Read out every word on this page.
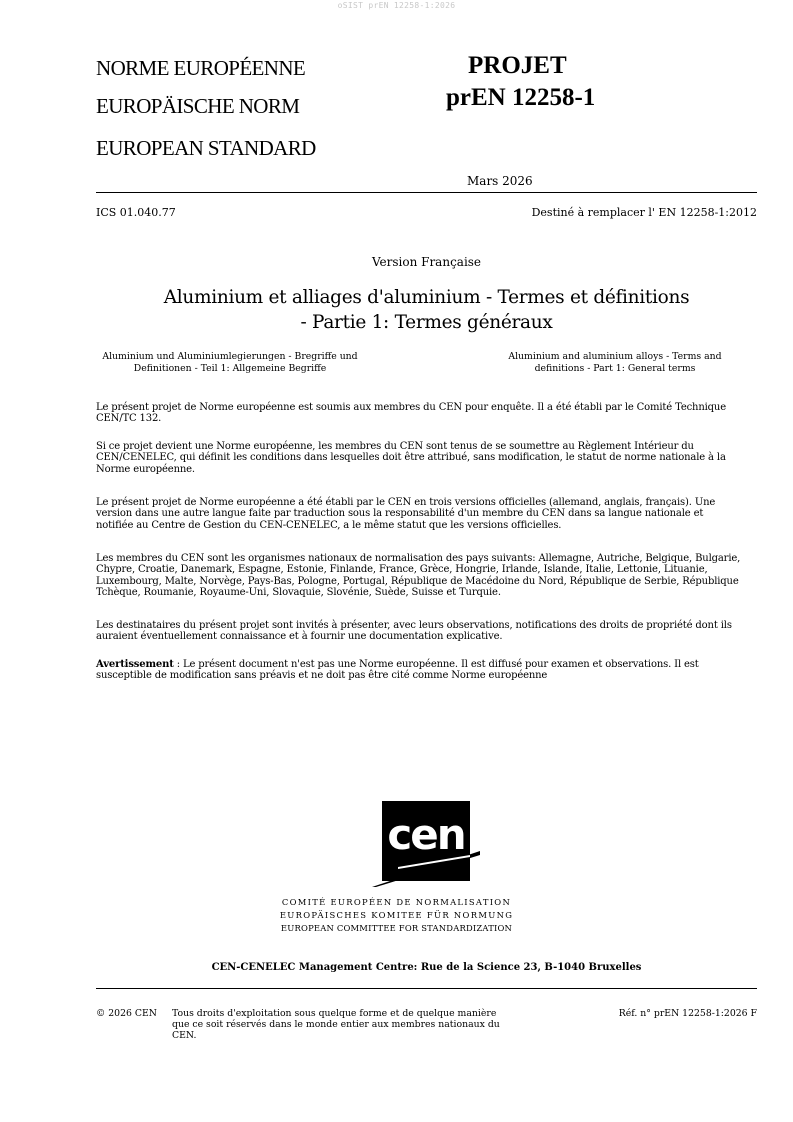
oSIST prEN 12258-1:2026
NORME EUROPÉENNE
EUROPÄISCHE NORM
EUROPEAN STANDARD
PROJET
prEN 12258-1
Mars 2026
ICS 01.040.77	Destiné à remplacer l' EN 12258-1:2012
Version Française
Aluminium et alliages d'aluminium - Termes et définitions
- Partie 1: Termes généraux
Aluminium und Aluminiumlegierungen - Bregriffe und
Definitionen - Teil 1: Allgemeine Begriffe
Aluminium and aluminium alloys - Terms and
definitions - Part 1: General terms
Le présent projet de Norme européenne est soumis aux membres du CEN pour enquête. Il a été établi par le Comité Technique
CEN/TC 132.
Si ce projet devient une Norme européenne, les membres du CEN sont tenus de se soumettre au Règlement Intérieur du
CEN/CENELEC, qui définit les conditions dans lesquelles doit être attribué, sans modification, le statut de norme nationale à la
Norme européenne.
Le présent projet de Norme européenne a été établi par le CEN en trois versions officielles (allemand, anglais, français). Une
version dans une autre langue faite par traduction sous la responsabilité d'un membre du CEN dans sa langue nationale et
notifiée au Centre de Gestion du CEN-CENELEC, a le même statut que les versions officielles.
Les membres du CEN sont les organismes nationaux de normalisation des pays suivants: Allemagne, Autriche, Belgique, Bulgarie,
Chypre, Croatie, Danemark, Espagne, Estonie, Finlande, France, Grèce, Hongrie, Irlande, Islande, Italie, Lettonie, Lituanie,
Luxembourg, Malte, Norvège, Pays-Bas, Pologne, Portugal, République de Macédoine du Nord, République de Serbie, République
Tchèque, Roumanie, Royaume-Uni, Slovaquie, Slovénie, Suède, Suisse et Turquie.
Les destinataires du présent projet sont invités à présenter, avec leurs observations, notifications des droits de propriété dont ils
auraient éventuellement connaissance et à fournir une documentation explicative.
Avertissement : Le présent document n'est pas une Norme européenne. Il est diffusé pour examen et observations. Il est
susceptible de modification sans préavis et ne doit pas être cité comme Norme européenne
cen
COMITÉ EUROPÉEN DE NORMALISATION
EUROPÄISCHES KOMITEE FÜR NORMUNG
EUROPEAN COMMITTEE FOR STANDARDIZATION
CEN-CENELEC Management Centre: Rue de la Science 23, B-1040 Bruxelles
© 2026 CEN Tous droits d'exploitation sous quelque forme et de quelque manière
que ce soit réservés dans le monde entier aux membres nationaux du
CEN.
Réf. n° prEN 12258-1:2026 F
